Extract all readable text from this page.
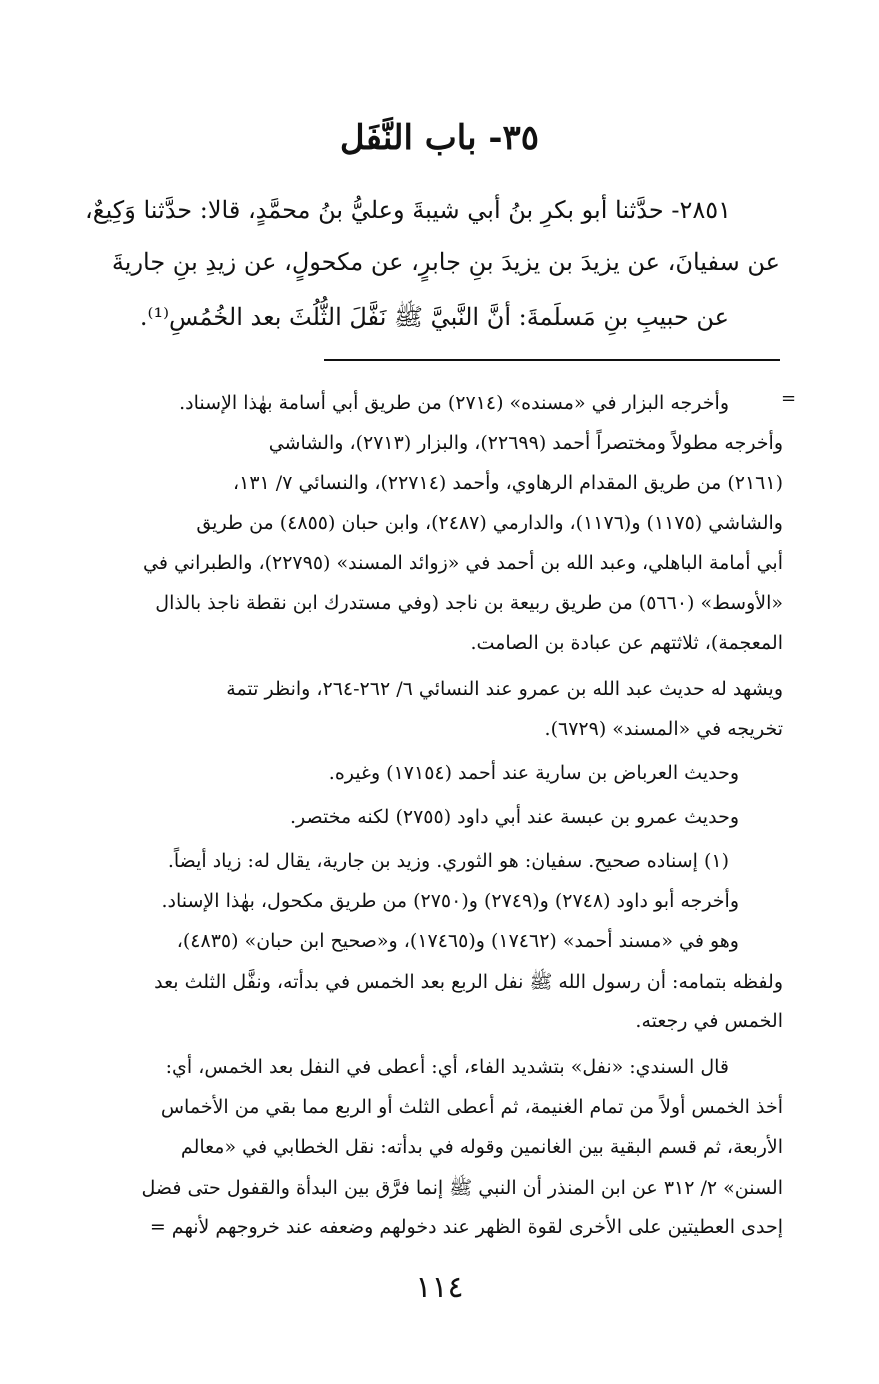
٣٥- باب النَّفَل
٢٨٥١- حدَّثنا أبو بكرِ بنُ أبي شيبةَ وعليُّ بنُ محمَّدٍ، قالا: حدَّثنا وَكِيعٌ،
عن سفيانَ، عن يزيدَ بن يزيدَ بنِ جابرٍ، عن مكحولٍ، عن زيدِ بنِ جاريةَ
عن حبيبِ بنِ مَسلَمةَ: أنَّ النَّبيَّ ﷺ نَفَّلَ الثُّلُثَ بعد الخُمُسِ⁽¹⁾.
=
وأخرجه البزار في «مسنده» (٢٧١٤) من طريق أبي أسامة بهٰذا الإسناد.
وأخرجه مطولاً ومختصراً أحمد (٢٢٦٩٩)، والبزار (٢٧١٣)، والشاشي
(٢١٦١) من طريق المقدام الرهاوي، وأحمد (٢٢٧١٤)، والنسائي ٧/ ١٣١،
والشاشي (١١٧٥) و(١١٧٦)، والدارمي (٢٤٨٧)، وابن حبان (٤٨٥٥) من طريق
أبي أمامة الباهلي، وعبد الله بن أحمد في «زوائد المسند» (٢٢٧٩٥)، والطبراني في
«الأوسط» (٥٦٦٠) من طريق ربيعة بن ناجد (وفي مستدرك ابن نقطة ناجذ بالذال
المعجمة)، ثلاثتهم عن عبادة بن الصامت.
ويشهد له حديث عبد الله بن عمرو عند النسائي ٦/ ٢٦٢-٢٦٤، وانظر تتمة
تخريجه في «المسند» (٦٧٢٩).
وحديث العرباض بن سارية عند أحمد (١٧١٥٤) وغيره.
وحديث عمرو بن عبسة عند أبي داود (٢٧٥٥) لكنه مختصر.
(١) إسناده صحيح. سفيان: هو الثوري. وزيد بن جارية، يقال له: زياد أيضاً.
وأخرجه أبو داود (٢٧٤٨) و(٢٧٤٩) و(٢٧٥٠) من طريق مكحول، بهٰذا الإسناد.
وهو في «مسند أحمد» (١٧٤٦٢) و(١٧٤٦٥)، و«صحيح ابن حبان» (٤٨٣٥)،
ولفظه بتمامه: أن رسول الله ﷺ نفل الربع بعد الخمس في بدأته، ونفَّل الثلث بعد
الخمس في رجعته.
قال السندي: «نفل» بتشديد الفاء، أي: أعطى في النفل بعد الخمس، أي:
أخذ الخمس أولاً من تمام الغنيمة، ثم أعطى الثلث أو الربع مما بقي من الأخماس
الأربعة، ثم قسم البقية بين الغانمين وقوله في بدأته: نقل الخطابي في «معالم
السنن» ٢/ ٣١٢ عن ابن المنذر أن النبي ﷺ إنما فرَّق بين البدأة والقفول حتى فضل
إحدى العطيتين على الأخرى لقوة الظهر عند دخولهم وضعفه عند خروجهم لأنهم =
١١٤
